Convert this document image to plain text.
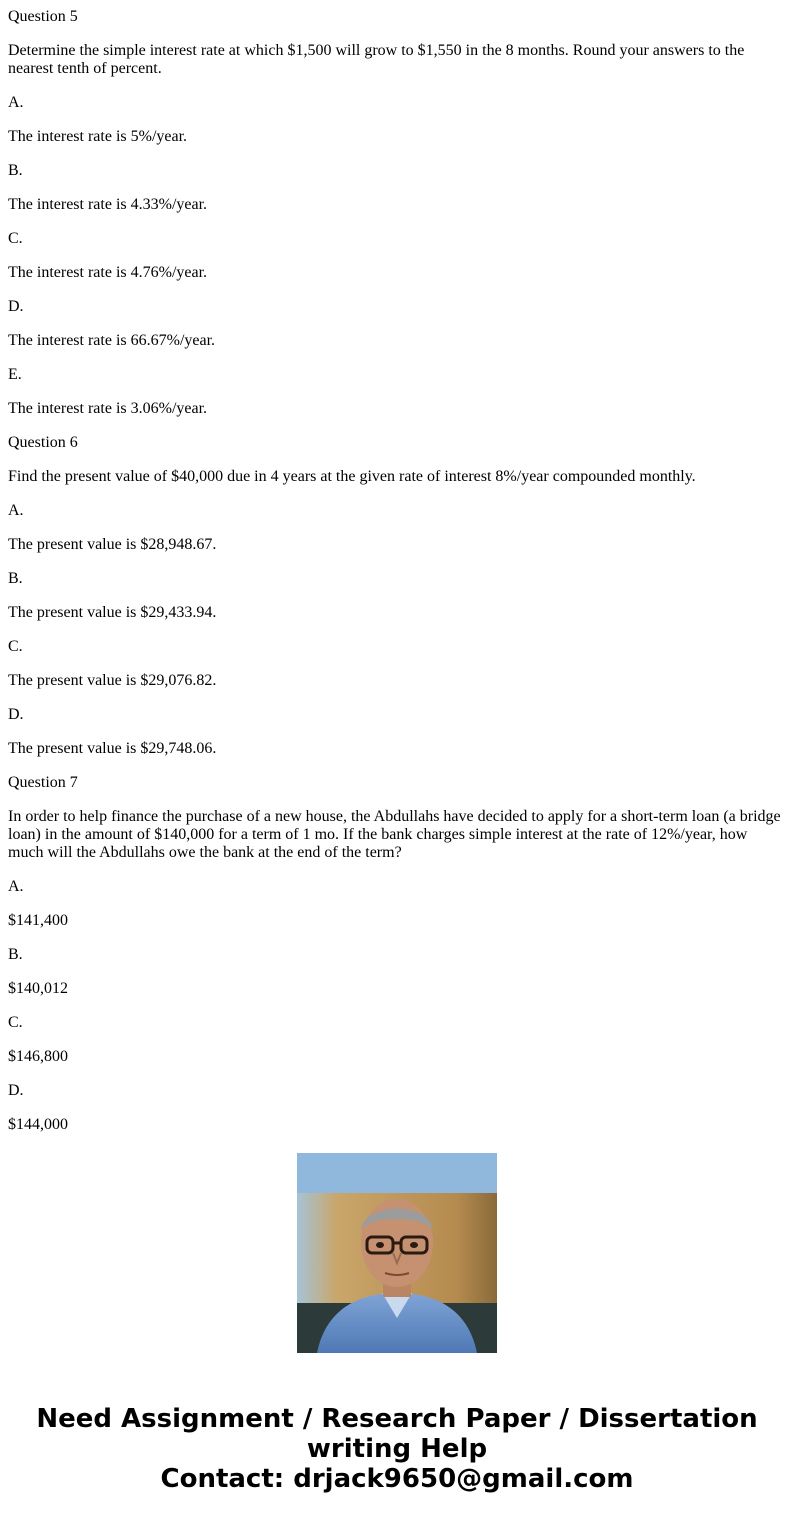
Question 5

Determine the simple interest rate at which $1,500 will grow to $1,550 in the 8 months. Round your answers to the nearest tenth of percent.

A.

The interest rate is 5%/year.

B.

The interest rate is 4.33%/year.

C.

The interest rate is 4.76%/year.

D.

The interest rate is 66.67%/year.

E.

The interest rate is 3.06%/year.

Question 6

Find the present value of $40,000 due in 4 years at the given rate of interest 8%/year compounded monthly.

A.

The present value is $28,948.67.

B.

The present value is $29,433.94.

C.

The present value is $29,076.82.

D.

The present value is $29,748.06.

Question 7

In order to help finance the purchase of a new house, the Abdullahs have decided to apply for a short-term loan (a bridge loan) in the amount of $140,000 for a term of 1 mo. If the bank charges simple interest at the rate of 12%/year, how much will the Abdullahs owe the bank at the end of the term?

A.

$141,400

B.

$140,012

C.

$146,800

D.

$144,000

Need Assignment / Research Paper / Dissertation
writing Help
Contact: drjack9650@gmail.com
